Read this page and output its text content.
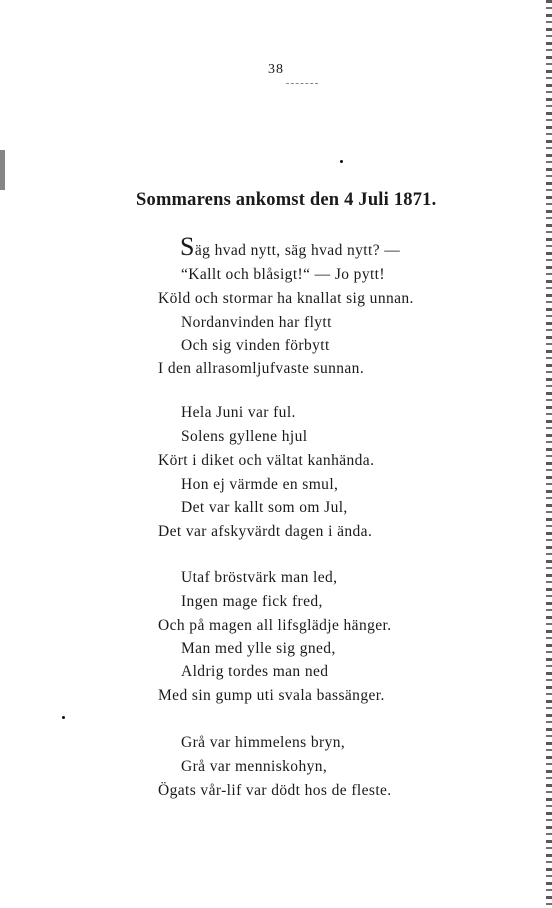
38
Sommarens ankomst den 4 Juli 1871.
Säg hvad nytt, säg hvad nytt? —
“Kallt och blåsigt!“ — Jo pytt!
Köld och stormar ha knallat sig unnan.
Nordanvinden har flytt
Och sig vinden förbytt
I den allrasomljufvaste sunnan.
Hela Juni var ful.
Solens gyllene hjul
Kört i diket och vältat kanhända.
Hon ej värmde en smul,
Det var kallt som om Jul,
Det var afskyvärdt dagen i ända.
Utaf bröstvärk man led,
Ingen mage fick fred,
Och på magen all lifsglädje hänger.
Man med ylle sig gned,
Aldrig tordes man ned
Med sin gump uti svala bassänger.
Grå var himmelens bryn,
Grå var menniskohyn,
Ögats vår-lif var dödt hos de fleste.
